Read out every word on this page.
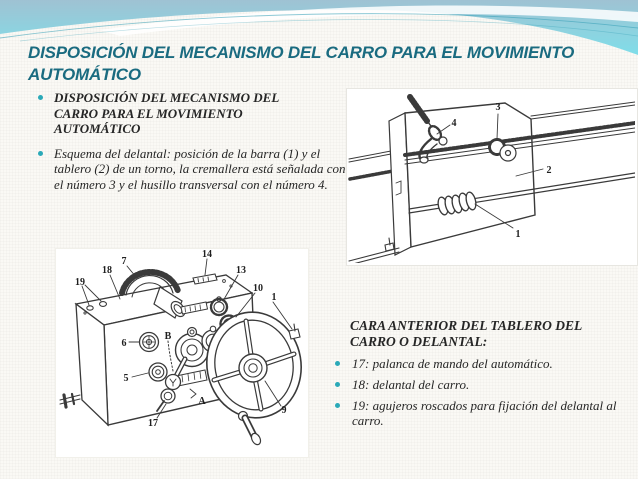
DISPOSICIÓN DEL MECANISMO DEL CARRO PARA EL MOVIMIENTO AUTOMÁTICO
DISPOSICIÓN DEL MECANISMO DEL CARRO PARA EL MOVIMIENTO AUTOMÁTICO
Esquema del delantal: posición de la barra (1) y el tablero (2) de un torno, la cremallera está señalada con el número 3 y el husillo transversal con el número 4.
4
3
2
1
19
18
7
14
13
10
1
6
B
5
17
A
9
CARA ANTERIOR DEL TABLERO DEL CARRO O DELANTAL:
17: palanca de mando del automático.
18: delantal del carro.
19: agujeros roscados para fijación del delantal al carro.
